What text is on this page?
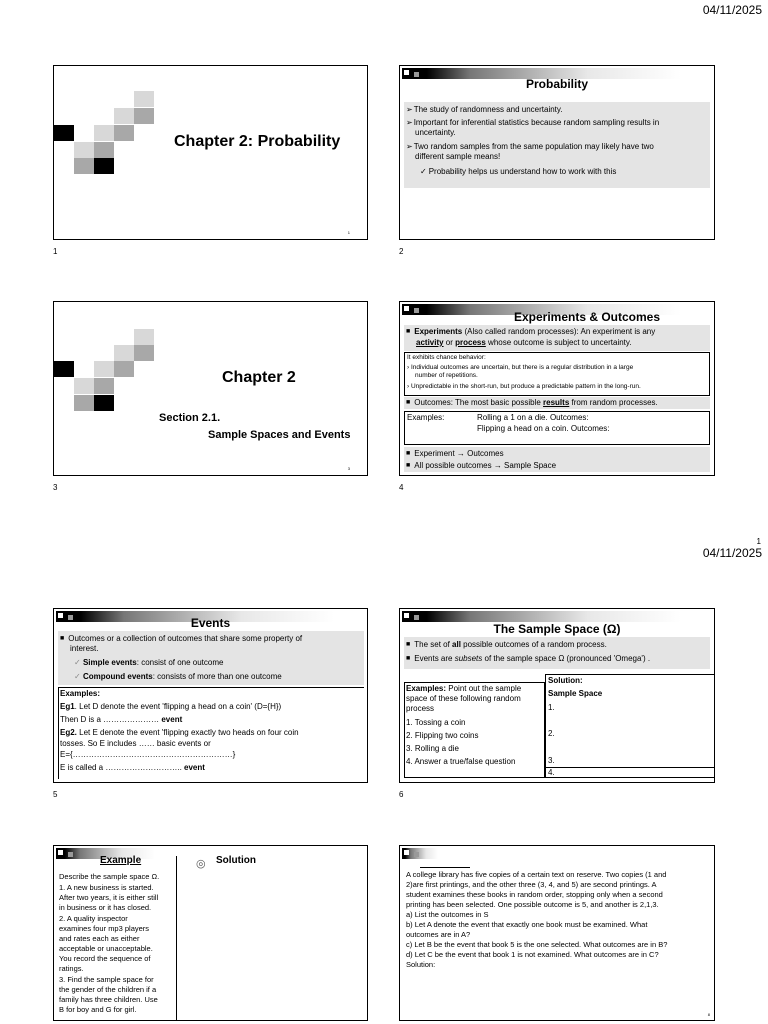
04/11/2025
Chapter 2: Probability
1
1
Probability
➢ The study of randomness and uncertainty.
➢ Important for inferential statistics because random sampling results in
uncertainty.
➢ Two random samples from the same population may likely have two
different sample means!
✓ Probability helps us understand how to work with this
2
Chapter 2
Section 2.1.
Sample Spaces and Events
3
3
Experiments & Outcomes
■ Experiments (Also called random processes): An experiment is any
activity or process whose outcome is subject to uncertainty.
It exhibits chance behavior:
› Individual outcomes are uncertain, but there is a regular distribution in a large
number of repetitions.
› Unpredictable in the short-run, but produce a predictable pattern in the long-run.
■ Outcomes: The most basic possible results from random processes.
Examples:	Rolling a 1 on a die. Outcomes:
Flipping a head on a coin. Outcomes:
■ Experiment → Outcomes
■ All possible outcomes → Sample Space
4
1
04/11/2025
Events
■ Outcomes or a collection of outcomes that share some property of
interest.
✓ Simple events: consist of one outcome
✓ Compound events: consists of more than one outcome
Examples:
Eg1. Let D denote the event 'flipping a head on a coin' (D={H})
Then D is a ………………… event
Eg2. Let E denote the event 'flipping exactly two heads on four coin
tosses. So E includes …… basic events or
E={……………………………………………………}
E is called a ……………………….. event
5
The Sample Space (Ω)
■ The set of all possible outcomes of a random process.
■ Events are subsets of the sample space Ω (pronounced 'Omega') .
Examples: Point out the sample
space of these following random
process
1. Tossing a coin
2. Flipping two coins
3. Rolling a die
4. Answer a true/false question
Solution:
Sample Space
1.
2.
3.
4.
6
Example	◎ Solution
Describe the sample space Ω.
1. A new business is started.
After two years, it is either still
in business or it has closed.
2. A quality inspector
examines four mp3 players
and rates each as either
acceptable or unacceptable.
You record the sequence of
ratings.
3. Find the sample space for
the gender of the children if a
family has three children. Use
B for boy and G for girl.
A college library has five copies of a certain text on reserve. Two copies (1 and
2)are first printings, and the other three (3, 4, and 5) are second printings. A
student examines these books in random order, stopping only when a second
printing has been selected. One possible outcome is 5, and another is 2,1,3.
a) List the outcomes in S
b) Let A denote the event that exactly one book must be examined. What
outcomes are in A?
c) Let B be the event that book 5 is the one selected. What outcomes are in B?
d) Let C be the event that book 1 is not examined. What outcomes are in C?
Solution:
8
